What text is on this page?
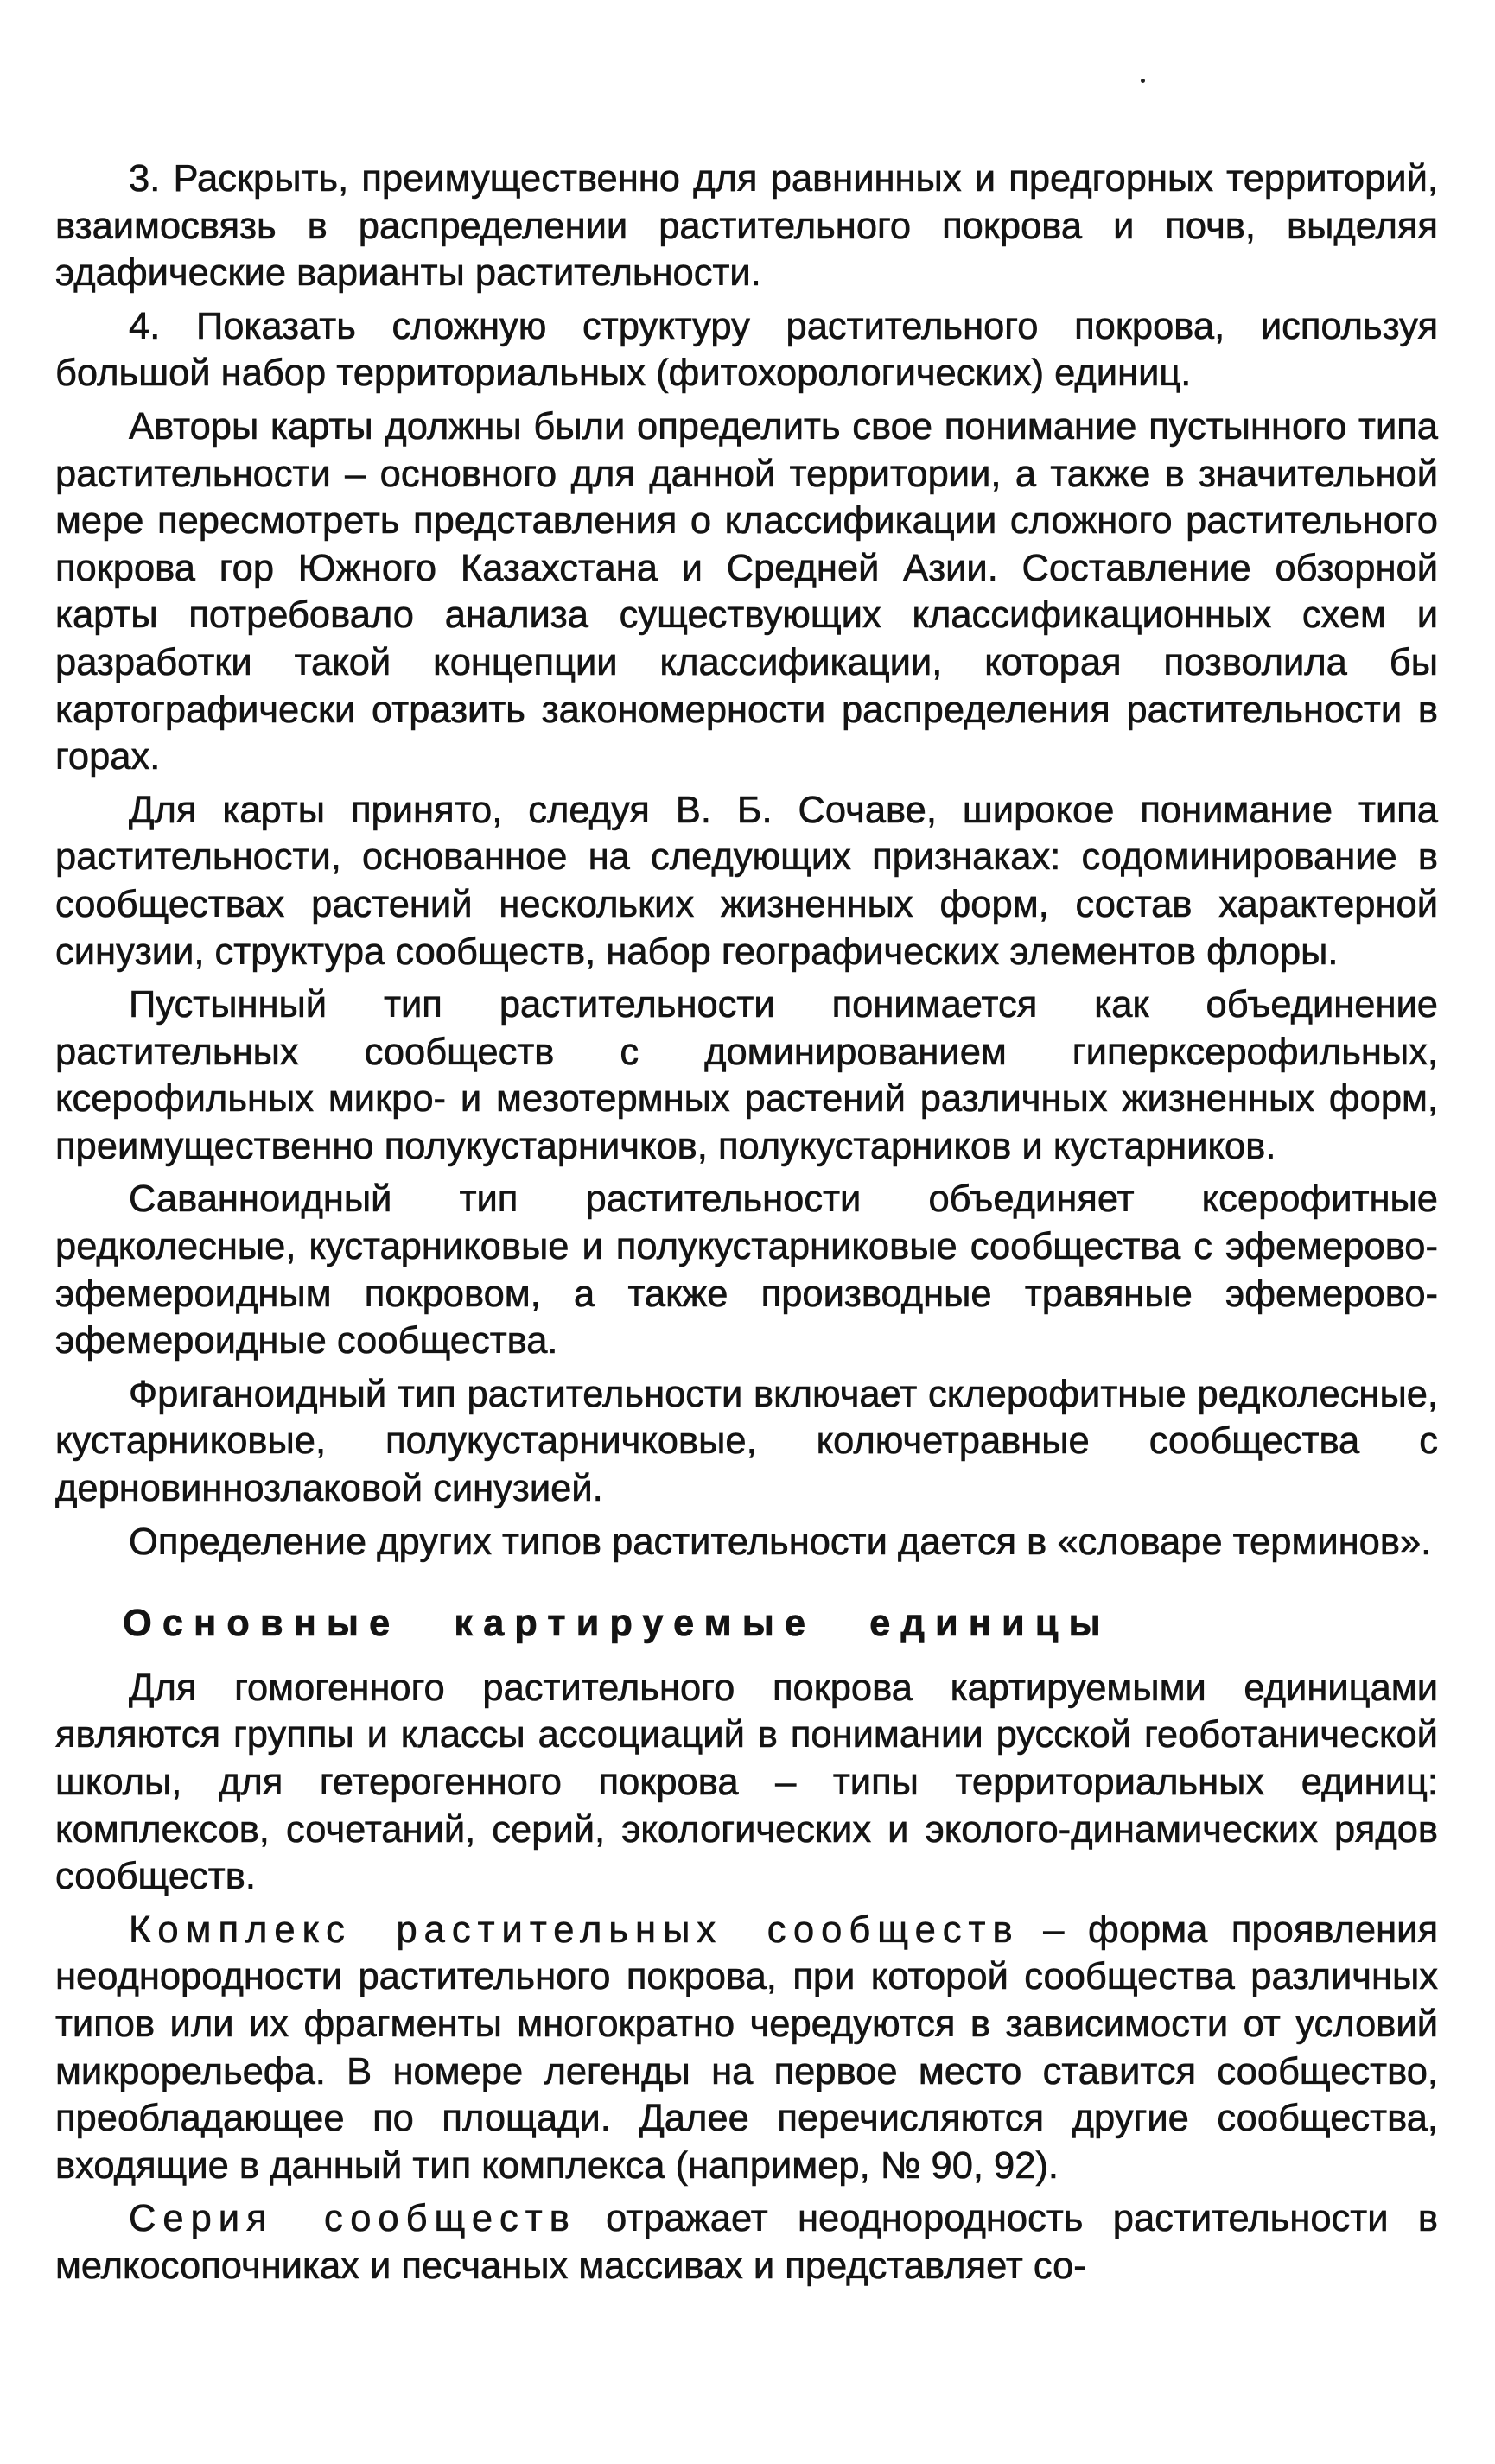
3. Раскрыть, преимущественно для равнинных и предгорных территорий, взаимосвязь в распределении растительного покрова и почв, выделяя эдафические варианты растительности.

4. Показать сложную структуру растительного покрова, используя большой набор территориальных (фитохорологических) единиц.

Авторы карты должны были определить свое понимание пустынного типа растительности – основного для данной территории, а также в значительной мере пересмотреть представления о классификации сложного растительного покрова гор Южного Казахстана и Средней Азии. Составление обзорной карты потребовало анализа существующих классификационных схем и разработки такой концепции классификации, которая позволила бы картографически отразить закономерности распределения растительности в горах.

Для карты принято, следуя В. Б. Сочаве, широкое понимание типа растительности, основанное на следующих признаках: содоминирование в сообществах растений нескольких жизненных форм, состав характерной синузии, структура сообществ, набор географических элементов флоры.

Пустынный тип растительности понимается как объединение растительных сообществ с доминированием гиперксерофильных, ксерофильных микро- и мезотермных растений различных жизненных форм, преимущественно полукустарничков, полукустарников и кустарников.

Саванноидный тип растительности объединяет ксерофитные редколесные, кустарниковые и полукустарниковые сообщества с эфемерово-эфемероидным покровом, а также производные травяные эфемерово-эфемероидные сообщества.

Фриганоидный тип растительности включает склерофитные редколесные, кустарниковые, полукустарничковые, колючетравные сообщества с дерновиннозлаковой синузией.

Определение других типов растительности дается в «словаре терминов».

Основные картируемые единицы

Для гомогенного растительного покрова картируемыми единицами являются группы и классы ассоциаций в понимании русской геоботанической школы, для гетерогенного покрова – типы территориальных единиц: комплексов, сочетаний, серий, экологических и эколого-динамических рядов сообществ.

Комплекс растительных сообществ – форма проявления неоднородности растительного покрова, при которой сообщества различных типов или их фрагменты многократно чередуются в зависимости от условий микрорельефа. В номере легенды на первое место ставится сообщество, преобладающее по площади. Далее перечисляются другие сообщества, входящие в данный тип комплекса (например, № 90, 92).

Серия сообществ отражает неоднородность растительности в мелкосопочниках и песчаных массивах и представляет со-
